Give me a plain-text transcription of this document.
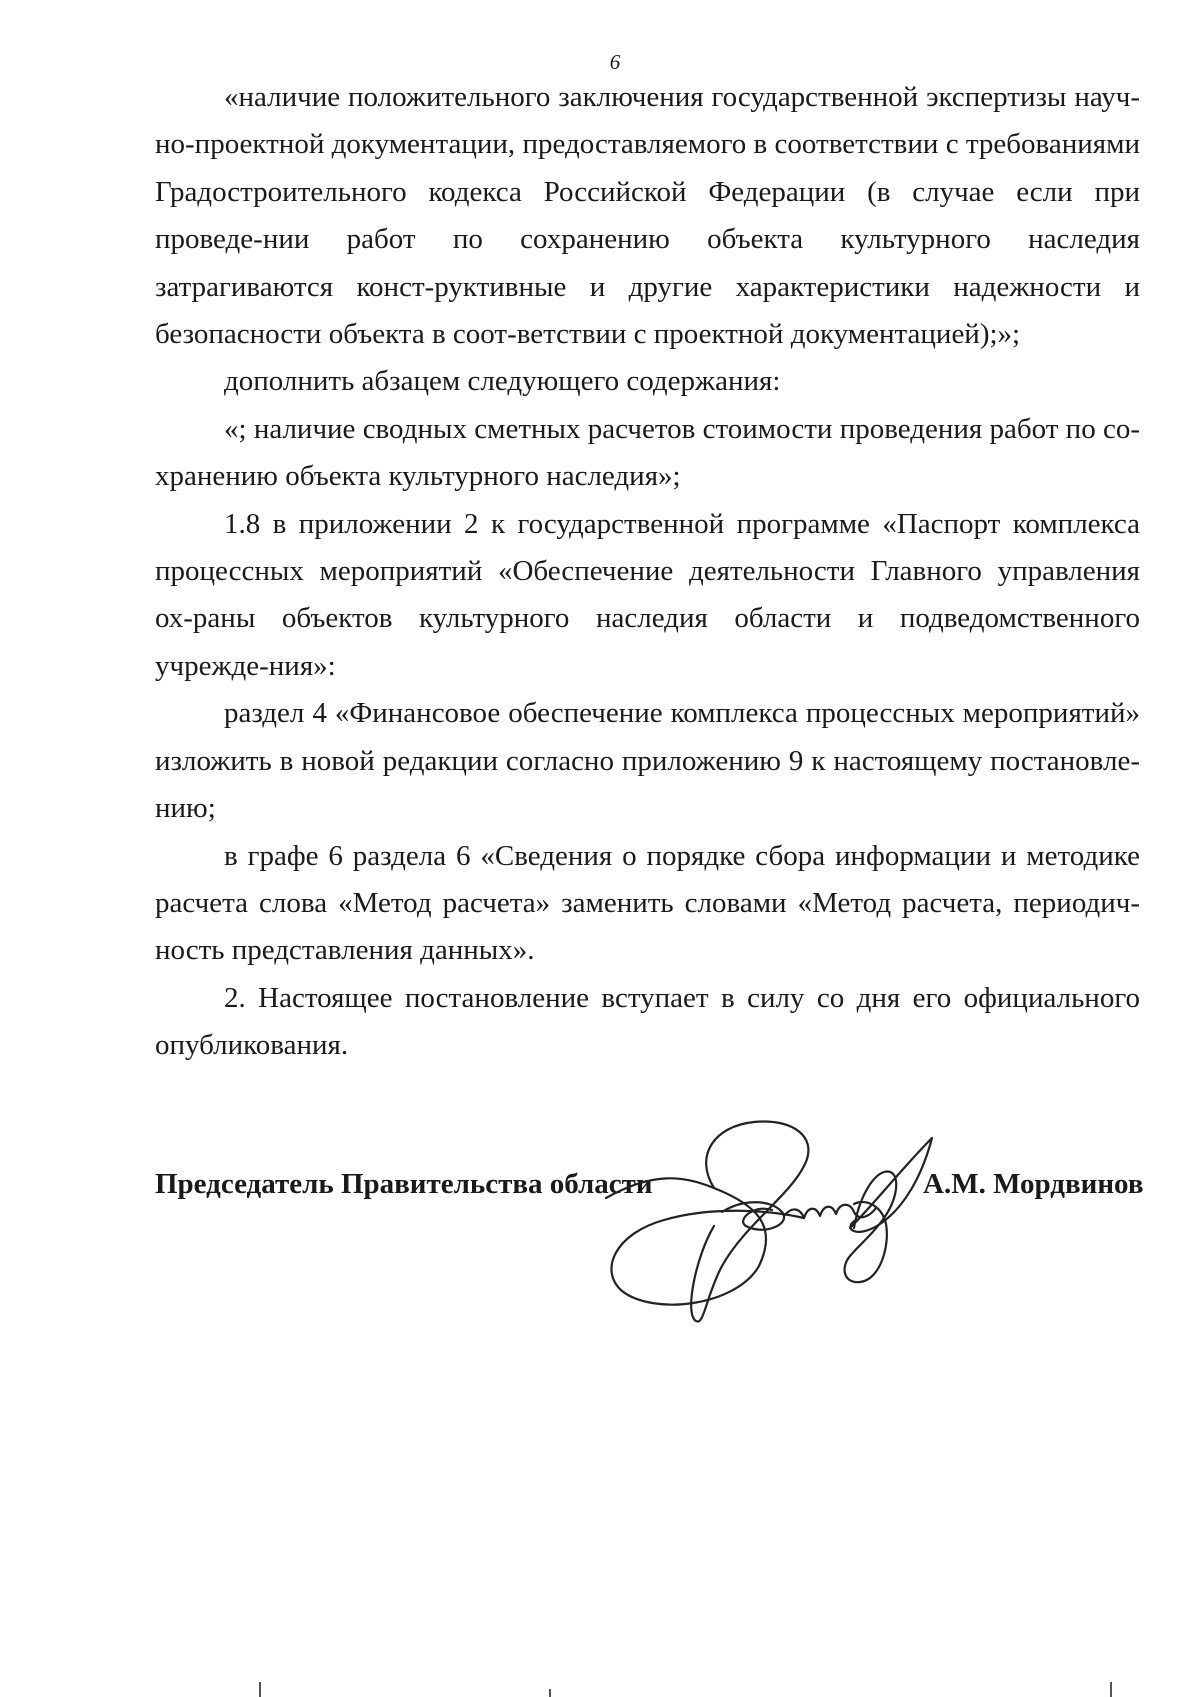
6

«наличие положительного заключения государственной экспертизы науч-но-проектной документации, предоставляемого в соответствии с требованиями Градостроительного кодекса Российской Федерации (в случае если при проведе-нии работ по сохранению объекта культурного наследия затрагиваются конст-руктивные и другие характеристики надежности и безопасности объекта в соот-ветствии с проектной документацией);»;

дополнить абзацем следующего содержания:

«; наличие сводных сметных расчетов стоимости проведения работ по со-хранению объекта культурного наследия»;

1.8 в приложении 2 к государственной программе «Паспорт комплекса процессных мероприятий «Обеспечение деятельности Главного управления ох-раны объектов культурного наследия области и подведомственного учрежде-ния»:

раздел 4 «Финансовое обеспечение комплекса процессных мероприятий» изложить в новой редакции согласно приложению 9 к настоящему постановле-нию;

в графе 6 раздела 6 «Сведения о порядке сбора информации и методике расчета слова «Метод расчета» заменить словами «Метод расчета, периодич-ность представления данных».

2. Настоящее постановление вступает в силу со дня его официального опубликования.

Председатель Правительства области	А.М. Мордвинов
